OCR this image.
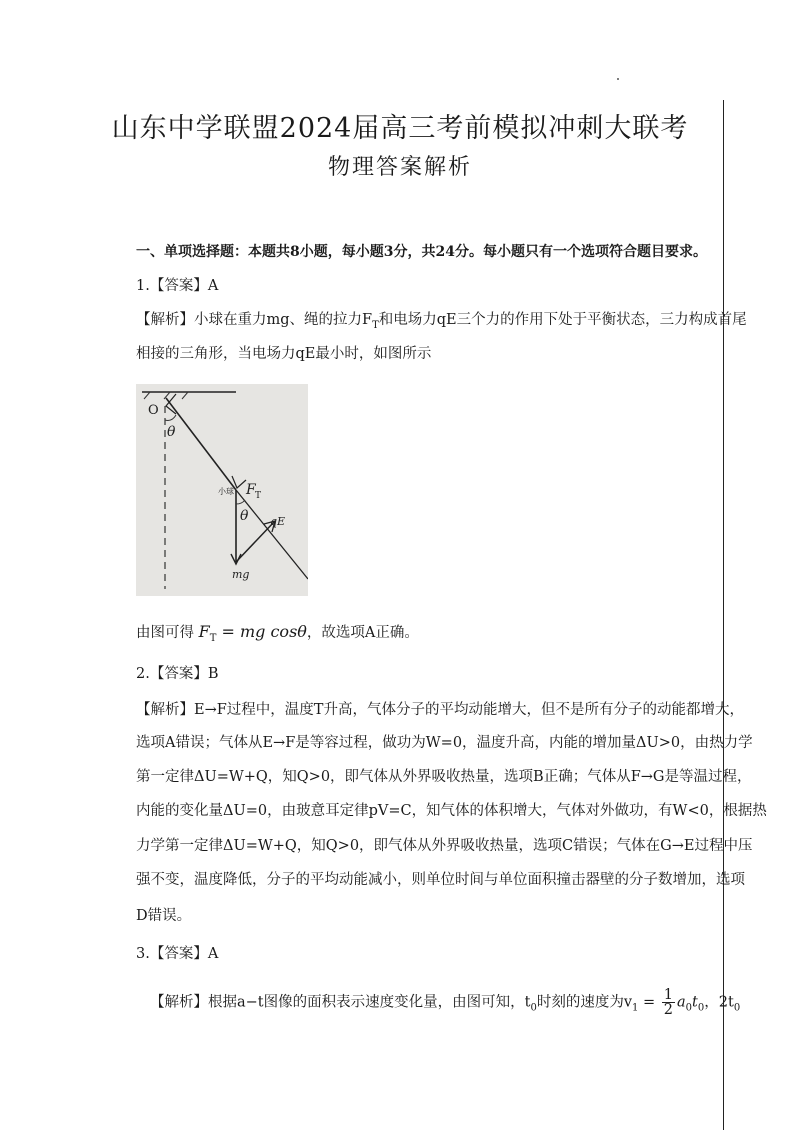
山东中学联盟2024届高三考前模拟冲刺大联考
物理答案解析
一、单项选择题：本题共8小题，每小题3分，共24分。每小题只有一个选项符合题目要求。
1.【答案】A
【解析】小球在重力mg、绳的拉力$F_T$和电场力qE三个力的作用下处于平衡状态，三力构成首尾
相接的三角形，当电场力qE最小时，如图所示
O
θ
F T
θ qE
mg
小球
由图可得 $F_T$ = mg cosθ，故选项A正确。
2.【答案】B
【解析】E→F过程中，温度T升高，气体分子的平均动能增大，但不是所有分子的动能都增大，
选项A错误；气体从E→F是等容过程，做功为W=0，温度升高，内能的增加量ΔU>0，由热力学
第一定律ΔU=W+Q，知Q>0，即气体从外界吸收热量，选项B正确；气体从F→G是等温过程，
内能的变化量ΔU=0，由玻意耳定律pV=C，知气体的体积增大，气体对外做功，有W<0，根据热
力学第一定律ΔU=W+Q，知Q>0，即气体从外界吸收热量，选项C错误；气体在G→E过程中压
强不变，温度降低，分子的平均动能减小，则单位时间与单位面积撞击器壁的分子数增加，选项
D错误。
3.【答案】A
【解析】根据a−t图像的面积表示速度变化量，由图可知，$t_0$时刻的速度为$v_1 = \frac{1}{2} a_0t_0$，$2t_0$
